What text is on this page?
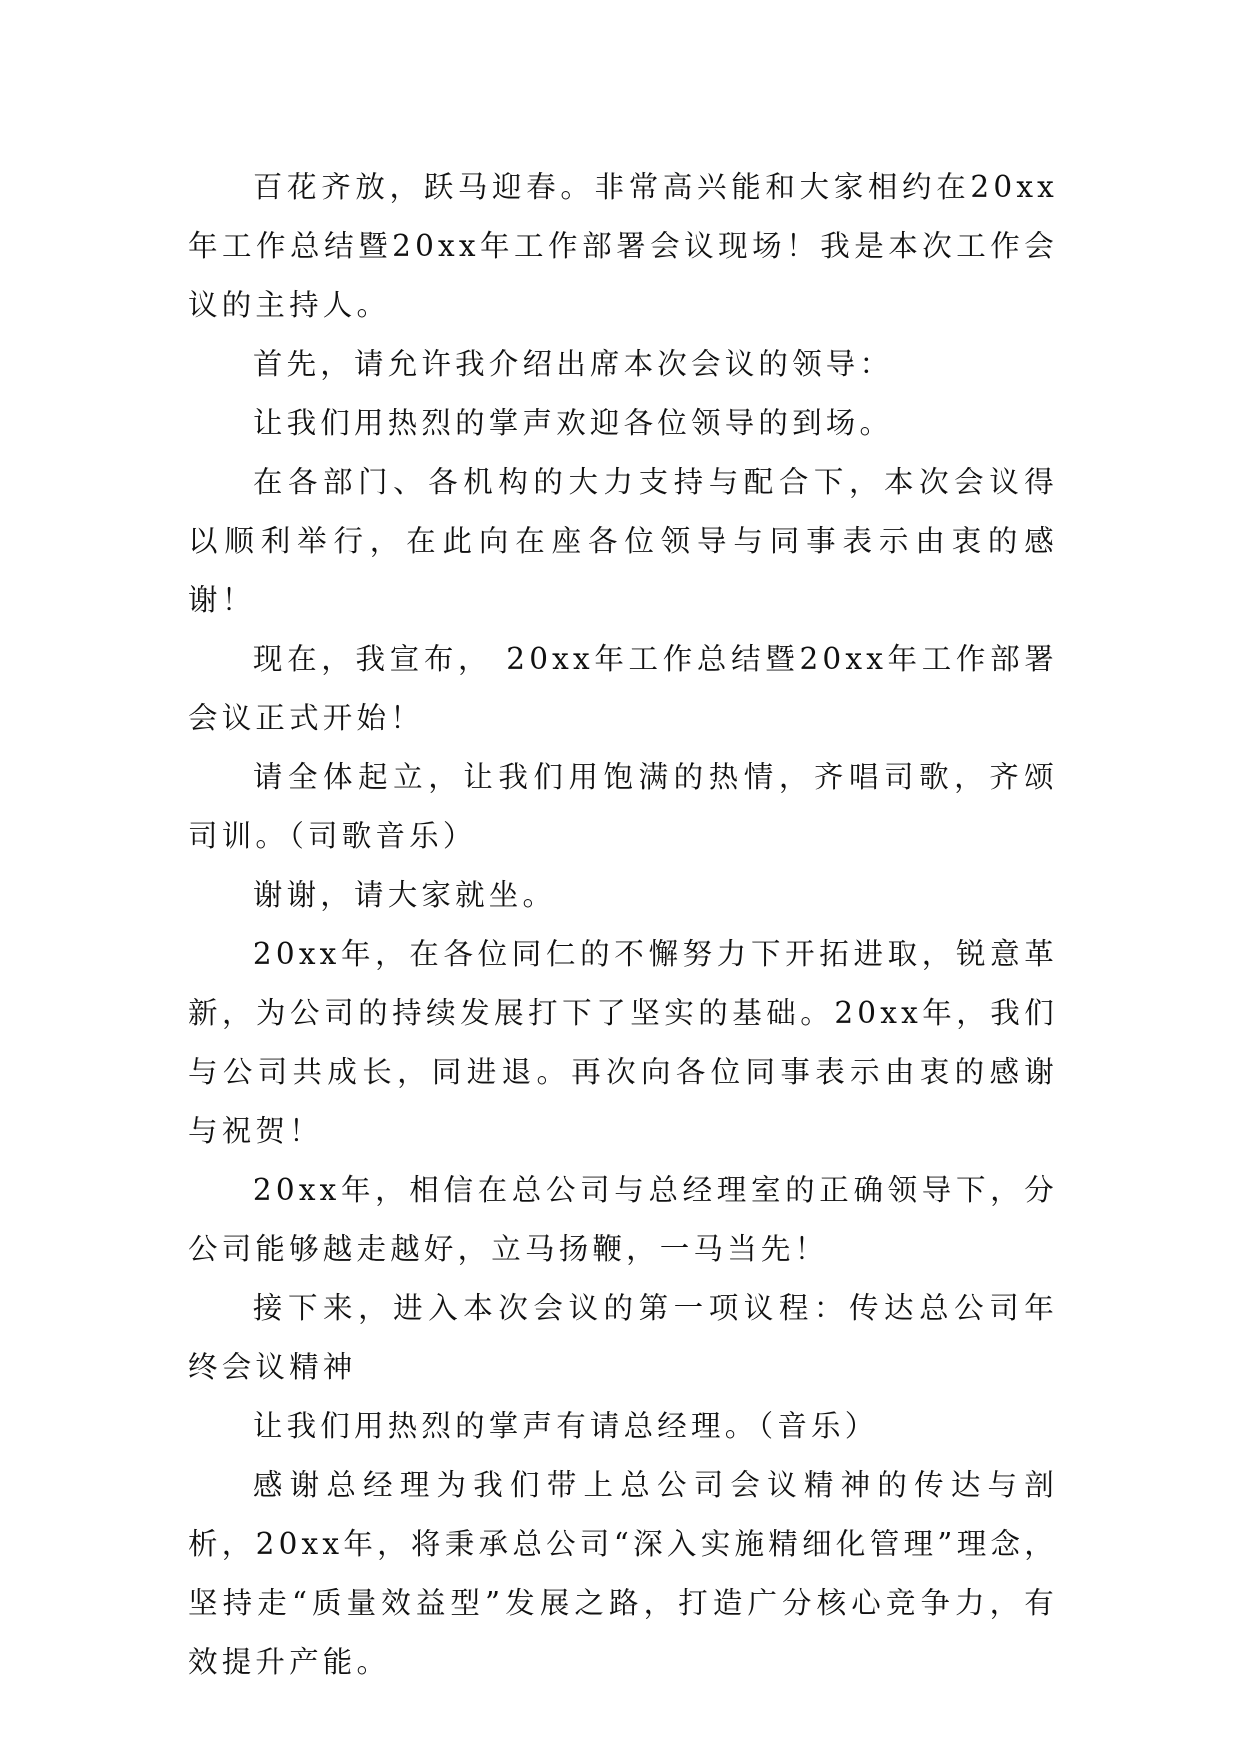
百花齐放，跃马迎春。非常高兴能和大家相约在20xx年工作总结暨20xx年工作部署会议现场！我是本次工作会议的主持人。

首先，请允许我介绍出席本次会议的领导：

让我们用热烈的掌声欢迎各位领导的到场。

在各部门、各机构的大力支持与配合下，本次会议得以顺利举行，在此向在座各位领导与同事表示由衷的感谢！

现在，我宣布， 20xx年工作总结暨20xx年工作部署会议正式开始！

请全体起立，让我们用饱满的热情，齐唱司歌，齐颂司训。（司歌音乐）

谢谢，请大家就坐。

20xx年，在各位同仁的不懈努力下开拓进取，锐意革新，为公司的持续发展打下了坚实的基础。20xx年，我们与公司共成长，同进退。再次向各位同事表示由衷的感谢与祝贺！

20xx年，相信在总公司与总经理室的正确领导下，分公司能够越走越好，立马扬鞭，一马当先！

接下来，进入本次会议的第一项议程：传达总公司年终会议精神

让我们用热烈的掌声有请总经理。（音乐）

感谢总经理为我们带上总公司会议精神的传达与剖析，20xx年，将秉承总公司“深入实施精细化管理”理念，坚持走“质量效益型”发展之路，打造广分核心竞争力，有效提升产能。
